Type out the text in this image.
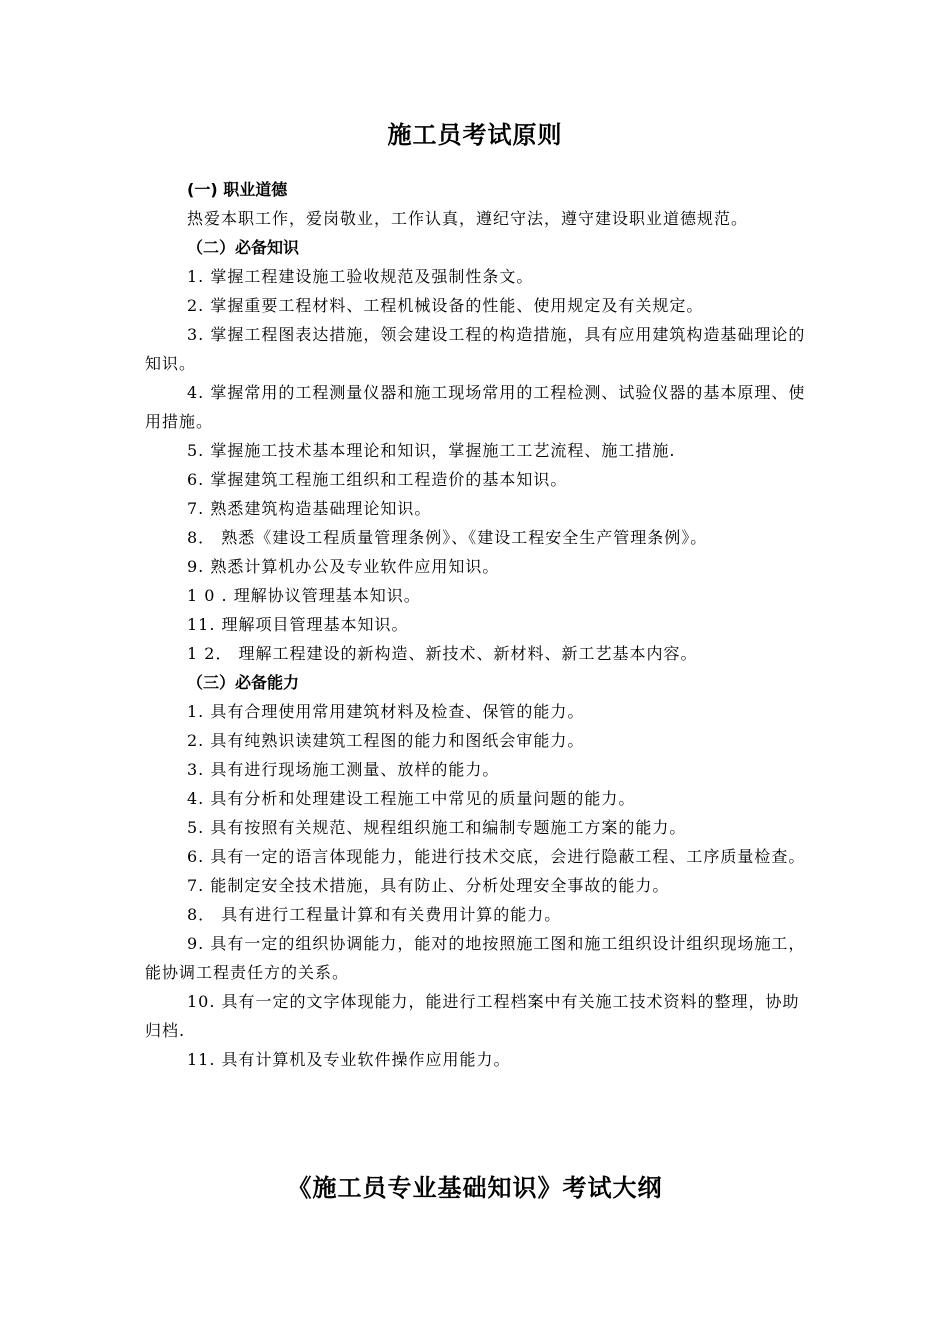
施工员考试原则

(一) 职业道德

热爱本职工作，爱岗敬业，工作认真，遵纪守法，遵守建设职业道德规范。

（二）必备知识

1. 掌握工程建设施工验收规范及强制性条文。

2. 掌握重要工程材料、工程机械设备的性能、使用规定及有关规定。

3. 掌握工程图表达措施，领会建设工程的构造措施，具有应用建筑构造基础理论的知识。

4. 掌握常用的工程测量仪器和施工现场常用的工程检测、试验仪器的基本原理、使用措施。

5. 掌握施工技术基本理论和知识，掌握施工工艺流程、施工措施.

6. 掌握建筑工程施工组织和工程造价的基本知识。

7. 熟悉建筑构造基础理论知识。

8． 熟悉《建设工程质量管理条例》、《建设工程安全生产管理条例》。

9. 熟悉计算机办公及专业软件应用知识。

1 0 . 理解协议管理基本知识。

11. 理解项目管理基本知识。

1 2． 理解工程建设的新构造、新技术、新材料、新工艺基本内容。

（三）必备能力

1. 具有合理使用常用建筑材料及检查、保管的能力。

2. 具有纯熟识读建筑工程图的能力和图纸会审能力。

3. 具有进行现场施工测量、放样的能力。

4. 具有分析和处理建设工程施工中常见的质量问题的能力。

5. 具有按照有关规范、规程组织施工和编制专题施工方案的能力。

6. 具有一定的语言体现能力，能进行技术交底，会进行隐蔽工程、工序质量检查。

7. 能制定安全技术措施，具有防止、分析处理安全事故的能力。

8． 具有进行工程量计算和有关费用计算的能力。

9. 具有一定的组织协调能力，能对的地按照施工图和施工组织设计组织现场施工，能协调工程责任方的关系。

10. 具有一定的文字体现能力，能进行工程档案中有关施工技术资料的整理，协助归档.

11. 具有计算机及专业软件操作应用能力。

《施工员专业基础知识》考试大纲
